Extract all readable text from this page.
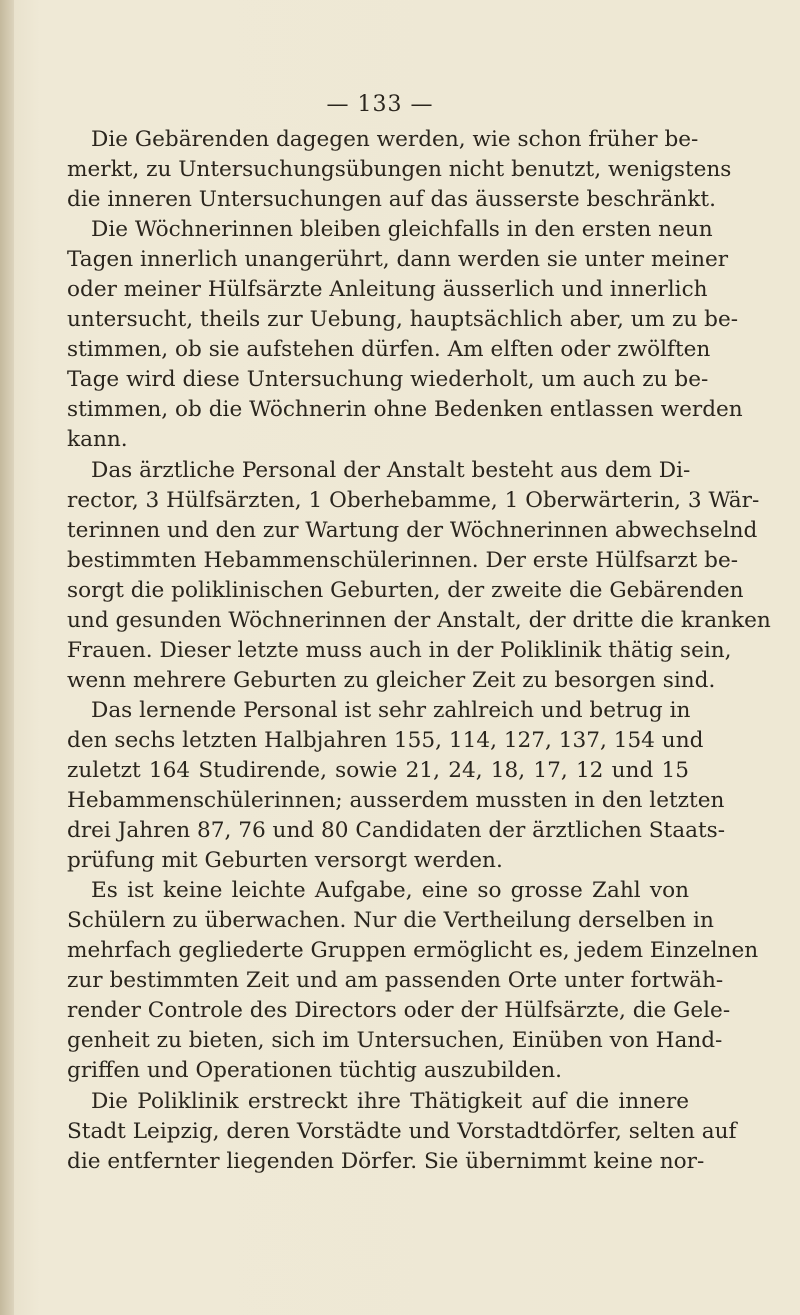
— 133 —
Die Gebärenden dagegen werden, wie schon früher be-
merkt, zu Untersuchungsübungen nicht benutzt, wenigstens
die inneren Untersuchungen auf das äusserste beschränkt.
Die Wöchnerinnen bleiben gleichfalls in den ersten neun
Tagen innerlich unangerührt, dann werden sie unter meiner
oder meiner Hülfsärzte Anleitung äusserlich und innerlich
untersucht, theils zur Uebung, hauptsächlich aber, um zu be-
stimmen, ob sie aufstehen dürfen. Am elften oder zwölften
Tage wird diese Untersuchung wiederholt, um auch zu be-
stimmen, ob die Wöchnerin ohne Bedenken entlassen werden
kann.
Das ärztliche Personal der Anstalt besteht aus dem Di-
rector, 3 Hülfsärzten, 1 Oberhebamme, 1 Oberwärterin, 3 Wär-
terinnen und den zur Wartung der Wöchnerinnen abwechselnd
bestimmten Hebammenschülerinnen. Der erste Hülfsarzt be-
sorgt die poliklinischen Geburten, der zweite die Gebärenden
und gesunden Wöchnerinnen der Anstalt, der dritte die kranken
Frauen. Dieser letzte muss auch in der Poliklinik thätig sein,
wenn mehrere Geburten zu gleicher Zeit zu besorgen sind.
Das lernende Personal ist sehr zahlreich und betrug in
den sechs letzten Halbjahren 155, 114, 127, 137, 154 und
zuletzt 164 Studirende, sowie 21, 24, 18, 17, 12 und 15
Hebammenschülerinnen; ausserdem mussten in den letzten
drei Jahren 87, 76 und 80 Candidaten der ärztlichen Staats-
prüfung mit Geburten versorgt werden.
Es ist keine leichte Aufgabe, eine so grosse Zahl von
Schülern zu überwachen. Nur die Vertheilung derselben in
mehrfach gegliederte Gruppen ermöglicht es, jedem Einzelnen
zur bestimmten Zeit und am passenden Orte unter fortwäh-
render Controle des Directors oder der Hülfsärzte, die Gele-
genheit zu bieten, sich im Untersuchen, Einüben von Hand-
griffen und Operationen tüchtig auszubilden.
Die Poliklinik erstreckt ihre Thätigkeit auf die innere
Stadt Leipzig, deren Vorstädte und Vorstadtdörfer, selten auf
die entfernter liegenden Dörfer. Sie übernimmt keine nor-
